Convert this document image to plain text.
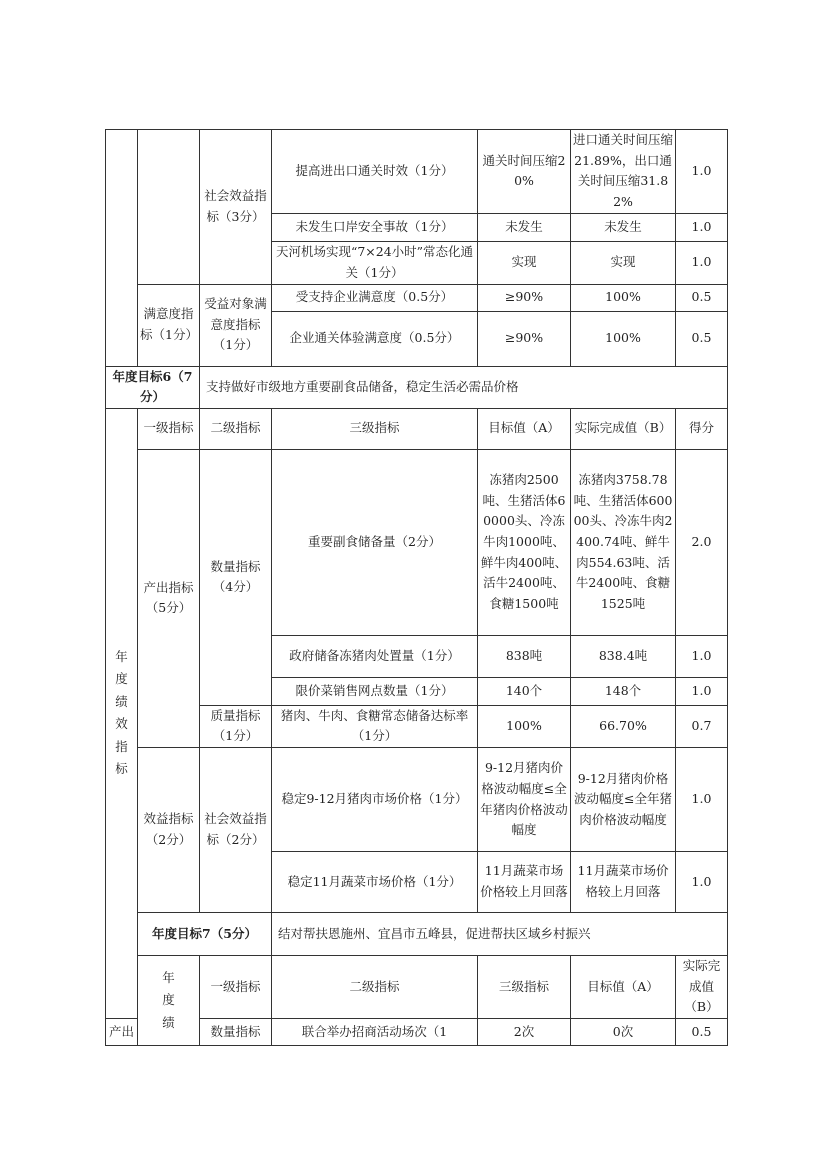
		社会效益指标（3分）	提高进出口通关时效（1分）	通关时间压缩20%	进口通关时间压缩21.89%，出口通关时间压缩31.82%	1.0	
			未发生口岸安全事故（1分）	未发生	未发生	1.0	
			天河机场实现“7×24小时”常态化通关（1分）	实现	实现	1.0	
	满意度指标（1分）	受益对象满意度指标（1分）	受支持企业满意度（0.5分）	≥90%	100%	0.5	
			企业通关体验满意度（0.5分）	≥90%	100%	0.5	
年度目标6（7分）		支持做好市级地方重要副食品储备，稳定生活必需品价格					
年度绩效指标	一级指标	二级指标	三级指标	目标值（A）	实际完成值（B）	得分	
	产出指标（5分）	数量指标（4分）	重要副食储备量（2分）	冻猪肉2500吨、生猪活体60000头、冷冻牛肉1000吨、鲜牛肉400吨、活牛2400吨、食糖1500吨	冻猪肉3758.78吨、生猪活体60000头、冷冻牛肉2400.74吨、鲜牛肉554.63吨、活牛2400吨、食糖1525吨	2.0	
			政府储备冻猪肉处置量（1分）	838吨	838.4吨	1.0	
			限价菜销售网点数量（1分）	140个	148个	1.0	
		质量指标（1分）	猪肉、牛肉、食糖常态储备达标率（1分）	100%	66.70%	0.7	
	效益指标（2分）	社会效益指标（2分）	稳定9-12月猪肉市场价格（1分）	9-12月猪肉价格波动幅度≤全年猪肉价格波动幅度	9-12月猪肉价格波动幅度≤全年猪肉价格波动幅度	1.0	
			稳定11月蔬菜市场价格（1分）	11月蔬菜市场价格较上月回落	11月蔬菜市场价格较上月回落	1.0	
	年度目标7（5分）		结对帮扶恩施州、宜昌市五峰县，促进帮扶区域乡村振兴				
	年度绩	一级指标	二级指标	三级指标	目标值（A）	实际完成值（B）	
产出		数量指标	联合举办招商活动场次（1	2次	0次	0.5	
